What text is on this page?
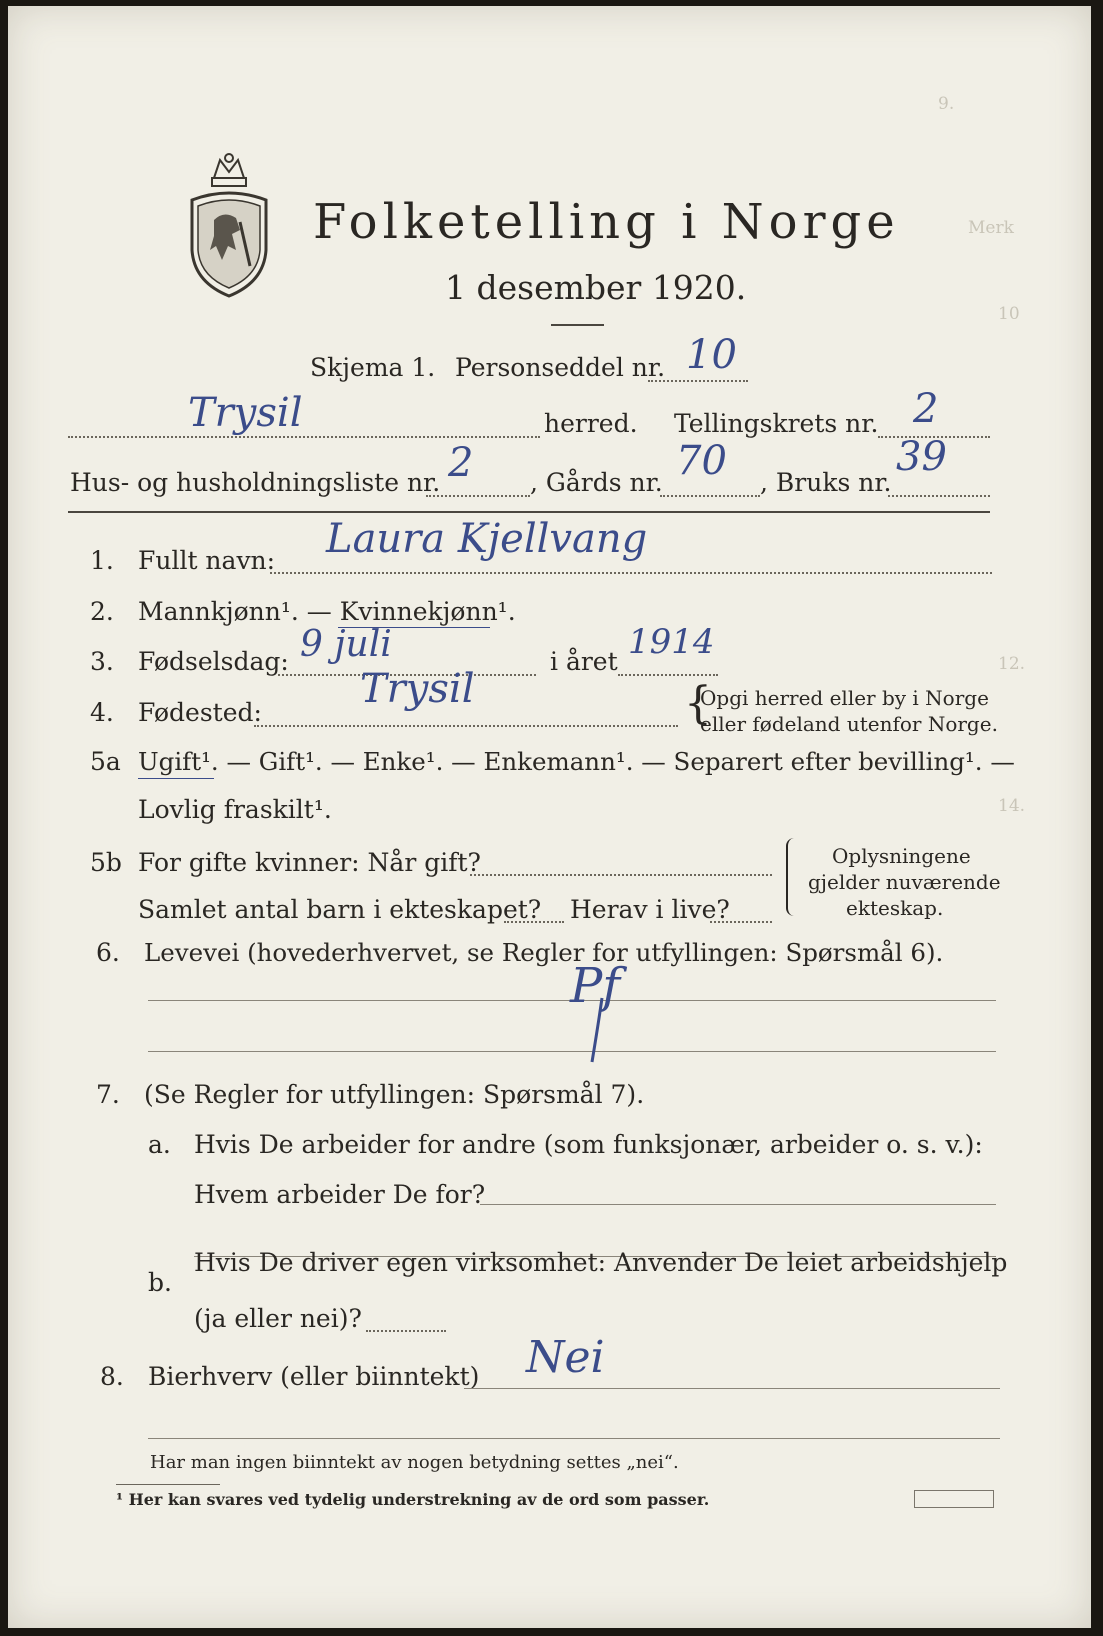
9.
Merk
10
12.
14.
Folketelling i Norge
1 desember 1920.
Skjema 1. Personseddel nr. 10
Trysil	herred. Tellingskrets nr. 2
Hus- og husholdningsliste nr. 2 , Gårds nr. 70 , Bruks nr.
39
1. Fullt navn: Laura Kjellvang
2. Mannkjønn¹. — Kvinnekjønn¹.
3. Fødselsdag: 9 juli	i året 1914
4. Fødested:
Trysil	{
Opgi herred eller by i Norge
eller fødeland utenfor Norge.
5a Ugift¹. — Gift¹. — Enke¹. — Enkemann¹. — Separert efter bevilling¹. —
Lovlig fraskilt¹.
5b For gifte kvinner: Når gift?
Samlet antal barn i ekteskapet? Herav i live?
Oplysningene
gjelder nuværende
ekteskap.
6. Levevei (hovederhvervet, se Regler for utfyllingen: Spørsmål 6).
Pf
7. (Se Regler for utfyllingen: Spørsmål 7).
a. Hvis De arbeider for andre (som funksjonær, arbeider o. s. v.):
Hvem arbeider De for?
b.
Hvis De driver egen virksomhet: Anvender De leiet arbeidshjelp
(ja eller nei)?
8. Bierhverv (eller biinntekt) Nei
Har man ingen biinntekt av nogen betydning settes „nei“.
¹ Her kan svares ved tydelig understrekning av de ord som passer.
